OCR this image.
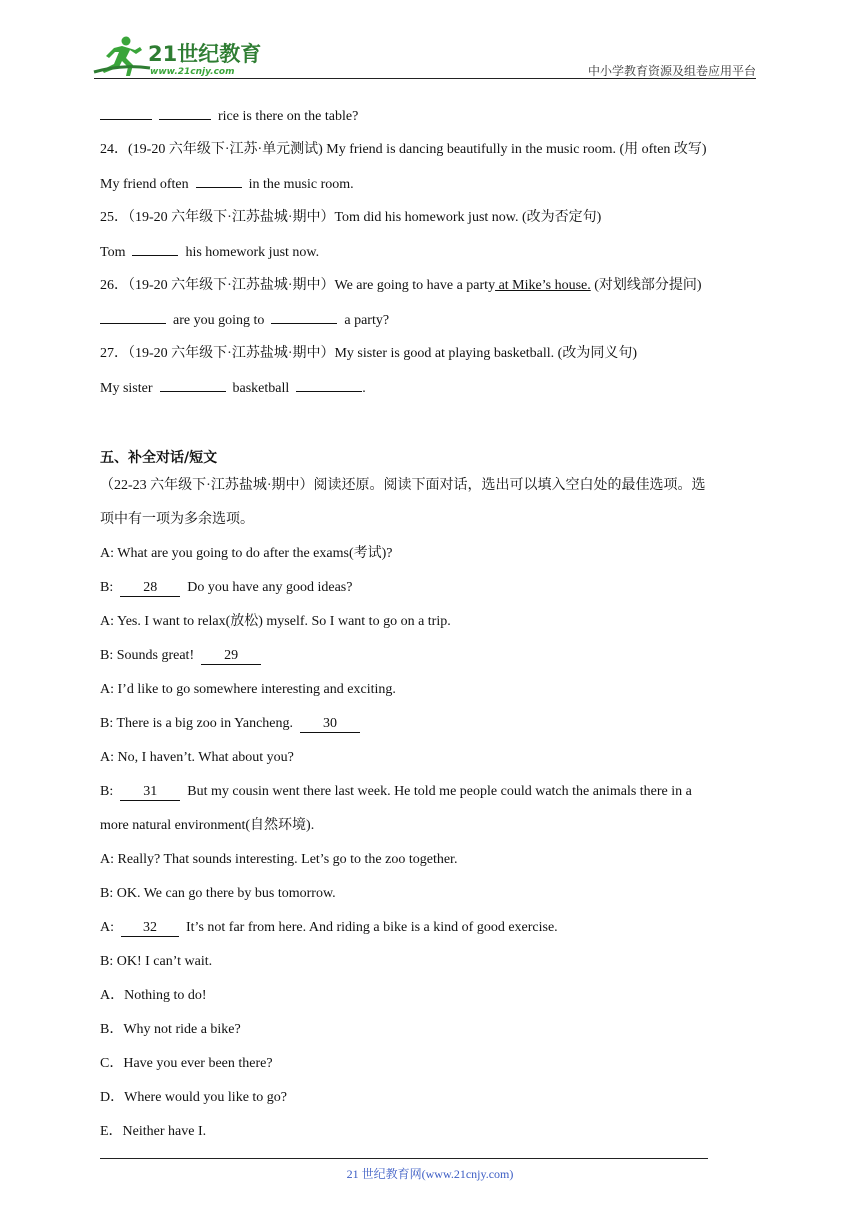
21世纪教育
www.21cnjy.com	中小学教育资源及组卷应用平台
rice is there on the table?
24．(19-20 六年级下·江苏·单元测试) My friend is dancing beautifully in the music room. (用 often 改写)
My friend often	in the music room.
25．（19-20 六年级下·江苏盐城·期中）Tom did his homework just now. (改为否定句)
Tom	his homework just now.
26．（19-20 六年级下·江苏盐城·期中）We are going to have a party at Mike’s house. (对划线部分提问)
are you going to	a party?
27．（19-20 六年级下·江苏盐城·期中）My sister is good at playing basketball. (改为同义句)
My sister	basketball	.
五、补全对话/短文
（22-23 六年级下·江苏盐城·期中）阅读还原。阅读下面对话，选出可以填入空白处的最佳选项。选
项中有一项为多余选项。
A: What are you going to do after the exams(考试)?
B: 28 Do you have any good ideas?
A: Yes. I want to relax(放松) myself. So I want to go on a trip.
B: Sounds great! 29
A: I’d like to go somewhere interesting and exciting.
B: There is a big zoo in Yancheng. 30
A: No, I haven’t. What about you?
B: 31 But my cousin went there last week. He told me people could watch the animals there in a
more natural environment(自然环境).
A: Really? That sounds interesting. Let’s go to the zoo together.
B: OK. We can go there by bus tomorrow.
A: 32 It’s not far from here. And riding a bike is a kind of good exercise.
B: OK! I can’t wait.
A．Nothing to do!
B．Why not ride a bike?
C．Have you ever been there?
D．Where would you like to go?
E．Neither have I.
21 世纪教育网(www.21cnjy.com)
